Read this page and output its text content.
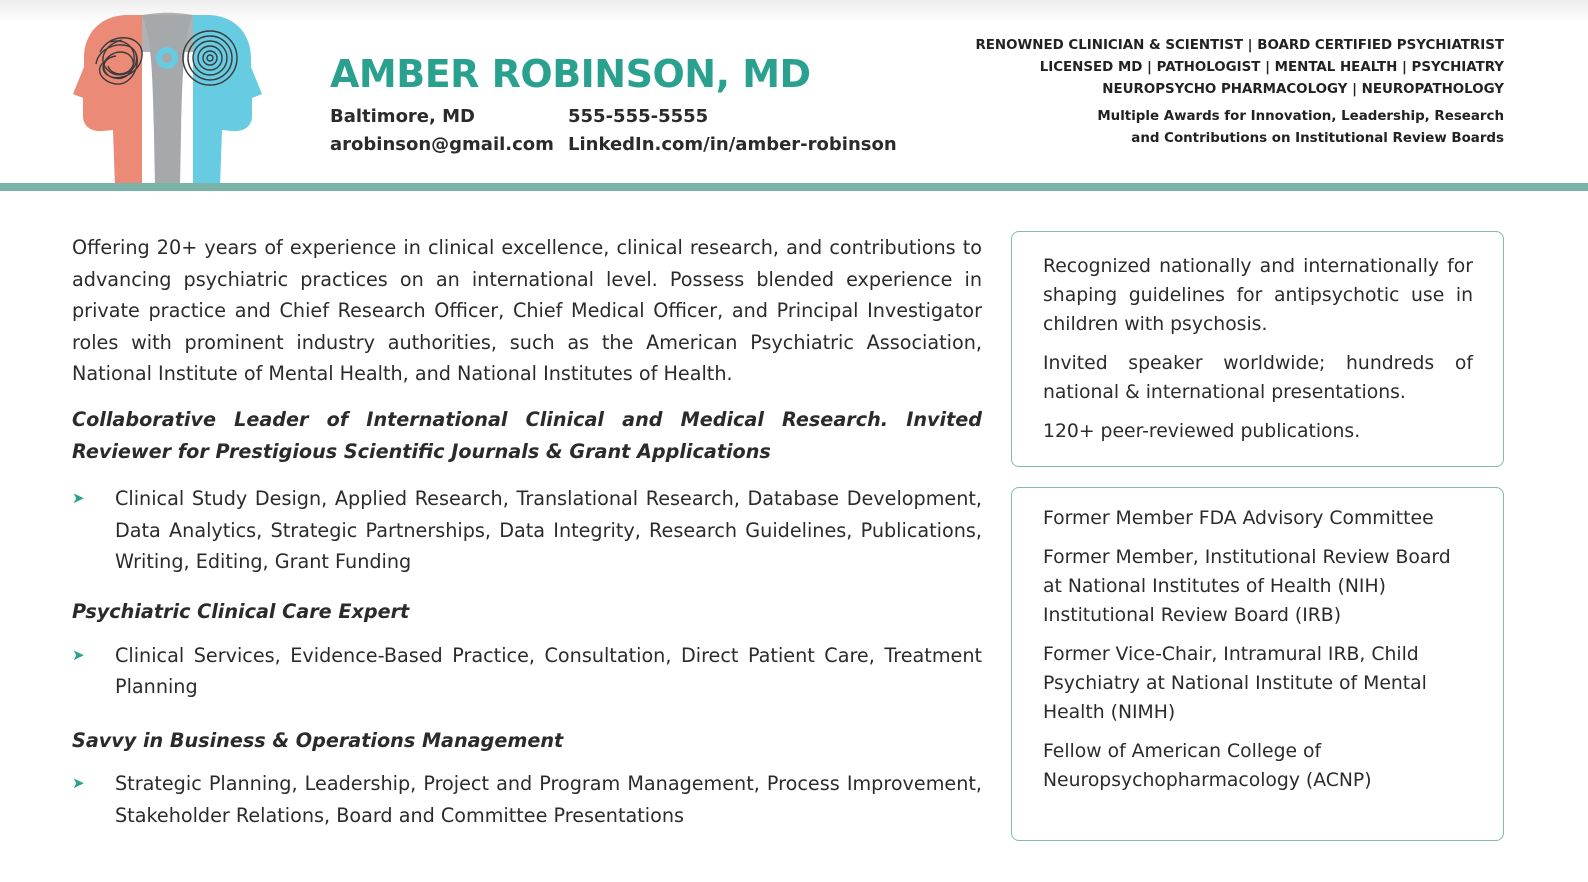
AMBER ROBINSON, MD
Baltimore, MD	555-555-5555
arobinson@gmail.com LinkedIn.com/in/amber-robinson
RENOWNED CLINICIAN & SCIENTIST | BOARD CERTIFIED PSYCHIATRIST
LICENSED MD | PATHOLOGIST | MENTAL HEALTH | PSYCHIATRY
NEUROPSYCHO PHARMACOLOGY | NEUROPATHOLOGY
Multiple Awards for Innovation, Leadership, Research
and Contributions on Institutional Review Boards

Offering 20+ years of experience in clinical excellence, clinical research, and contributions to advancing psychiatric practices on an international level. Possess blended experience in private practice and Chief Research Officer, Chief Medical Officer, and Principal Investigator roles with prominent industry authorities, such as the American Psychiatric Association, National Institute of Mental Health, and National Institutes of Health.

Collaborative Leader of International Clinical and Medical Research. Invited Reviewer for Prestigious Scientific Journals & Grant Applications

➤ Clinical Study Design, Applied Research, Translational Research, Database Development, Data Analytics, Strategic Partnerships, Data Integrity, Research Guidelines, Publications, Writing, Editing, Grant Funding
Psychiatric Clinical Care Expert
➤ Clinical Services, Evidence-Based Practice, Consultation, Direct Patient Care, Treatment Planning
Savvy in Business & Operations Management
➤ Strategic Planning, Leadership, Project and Program Management, Process Improvement, Stakeholder Relations, Board and Committee Presentations

Recognized nationally and internationally for shaping guidelines for antipsychotic use in children with psychosis.

Invited speaker worldwide; hundreds of national & international presentations.

120+ peer-reviewed publications.

Former Member FDA Advisory Committee

Former Member, Institutional Review Board at National Institutes of Health (NIH) Institutional Review Board (IRB)

Former Vice-Chair, Intramural IRB, Child Psychiatry at National Institute of Mental Health (NIMH)

Fellow of American College of Neuropsychopharmacology (ACNP)
